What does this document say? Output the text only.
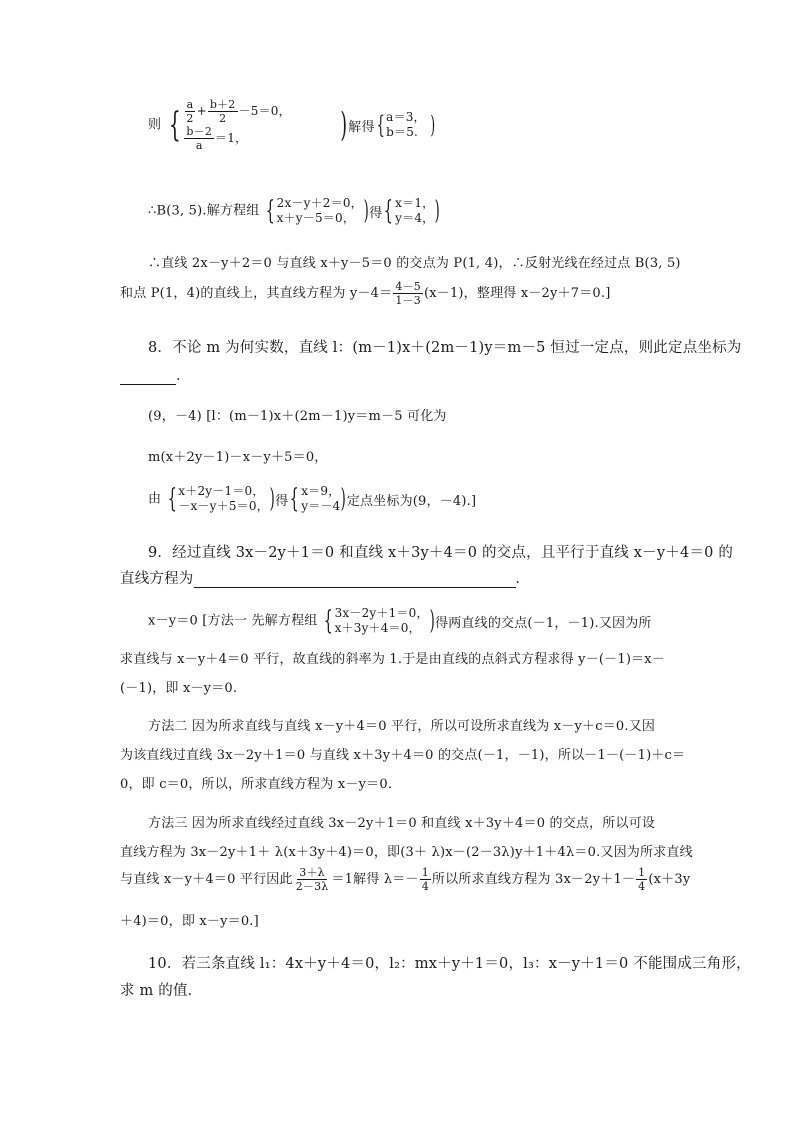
则 { $\frac{a}{2} + \frac{b+2}{2} -5=0$，
$\frac{b-2}{a} =1$，	) 解得 { a＝3，
b＝5. )
∴B(3, 5).解方程组 { 2x－y＋2＝0，
x＋y－5＝0， ) 得 { x＝1，
y＝4， )
∴直线 2x－y＋2＝0 与直线 x＋y－5＝0 的交点为 P(1, 4)，∴反射光线在经过点 B(3, 5)
和点 P(1，4)的直线上，其直线方程为 $y-4= \frac{4-5}{1-3} (x-1)$，整理得 x－2y＋7＝0.]
8．不论 m 为何实数，直线 l：(m－1)x＋(2m－1)y＝m－5 恒过一定点，则此定点坐标为
．
(9，－4) [l：(m－1)x＋(2m－1)y＝m－5 可化为
m(x＋2y－1)－x－y＋5＝0，
由 { x＋2y－1＝0，
－x－y＋5＝0， ) 得 { x＝9，
y＝－4 ) 定点坐标为(9，－4).]
9．经过直线 3x－2y＋1＝0 和直线 x＋3y＋4＝0 的交点，且平行于直线 x－y＋4＝0 的
直线方程为	．
x－y＝0 [方法一 先解方程组 { 3x－2y＋1＝0，
x＋3y＋4＝0， ) 得两直线的交点(－1，－1).又因为所
求直线与 x－y＋4＝0 平行，故直线的斜率为 1.于是由直线的点斜式方程求得 y－(－1)＝x－
(－1)，即 x－y＝0.
方法二 因为所求直线与直线 x－y＋4＝0 平行，所以可设所求直线为 x－y＋c＝0.又因
为该直线过直线 3x－2y＋1＝0 与直线 x＋3y＋4＝0 的交点(－1，－1)，所以－1－(－1)＋c＝
0，即 c＝0，所以，所求直线方程为 x－y＝0.
方法三 因为所求直线经过直线 3x－2y＋1＝0 和直线 x＋3y＋4＝0 的交点，所以可设
直线方程为 3x－2y＋1＋ λ(x＋3y＋4)＝0，即(3＋ λ)x－(2－3λ)y＋1＋4λ＝0.又因为所求直线
与直线 x－y＋4＝0 平行因此 $\frac{3+\lambda}{2-3\lambda} =1$解得 $\lambda=- \frac{1}{4}$ 所以所求直线方程为 $3x-2y+1- \frac{1}{4} (x+3y$
＋4)＝0，即 x－y＝0.]
10．若三条直线 l₁：4x＋y＋4＝0，l₂：mx＋y＋1＝0，l₃：x－y＋1＝0 不能围成三角形，
求 m 的值．
